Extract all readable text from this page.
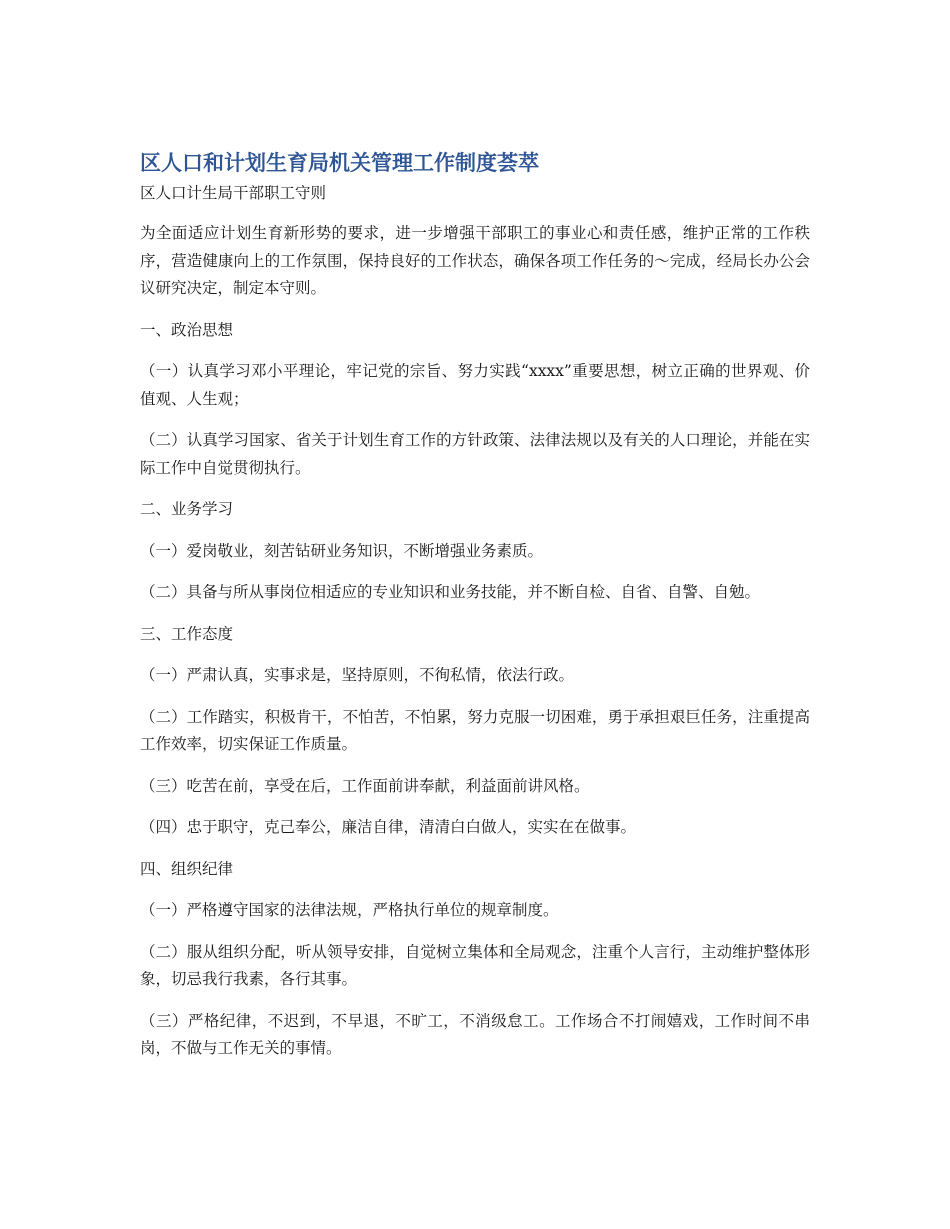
区人口和计划生育局机关管理工作制度荟萃

区人口计生局干部职工守则

为全面适应计划生育新形势的要求，进一步增强干部职工的事业心和责任感，维护正常的工作秩序，营造健康向上的工作氛围，保持良好的工作状态，确保各项工作任务的～完成，经局长办公会议研究决定，制定本守则。

一、政治思想

（一）认真学习邓小平理论，牢记党的宗旨、努力实践“xxxx”重要思想，树立正确的世界观、价值观、人生观；

（二）认真学习国家、省关于计划生育工作的方针政策、法律法规以及有关的人口理论，并能在实际工作中自觉贯彻执行。

二、业务学习

（一）爱岗敬业，刻苦钻研业务知识，不断增强业务素质。

（二）具备与所从事岗位相适应的专业知识和业务技能，并不断自检、自省、自警、自勉。

三、工作态度

（一）严肃认真，实事求是，坚持原则，不徇私情，依法行政。

（二）工作踏实，积极肯干，不怕苦，不怕累，努力克服一切困难，勇于承担艰巨任务，注重提高工作效率，切实保证工作质量。

（三）吃苦在前，享受在后，工作面前讲奉献，利益面前讲风格。

（四）忠于职守，克己奉公，廉洁自律，清清白白做人，实实在在做事。

四、组织纪律

（一）严格遵守国家的法律法规，严格执行单位的规章制度。

（二）服从组织分配，听从领导安排，自觉树立集体和全局观念，注重个人言行，主动维护整体形象，切忌我行我素，各行其事。

（三）严格纪律，不迟到，不早退，不旷工，不消级怠工。工作场合不打闹嬉戏，工作时间不串岗，不做与工作无关的事情。
